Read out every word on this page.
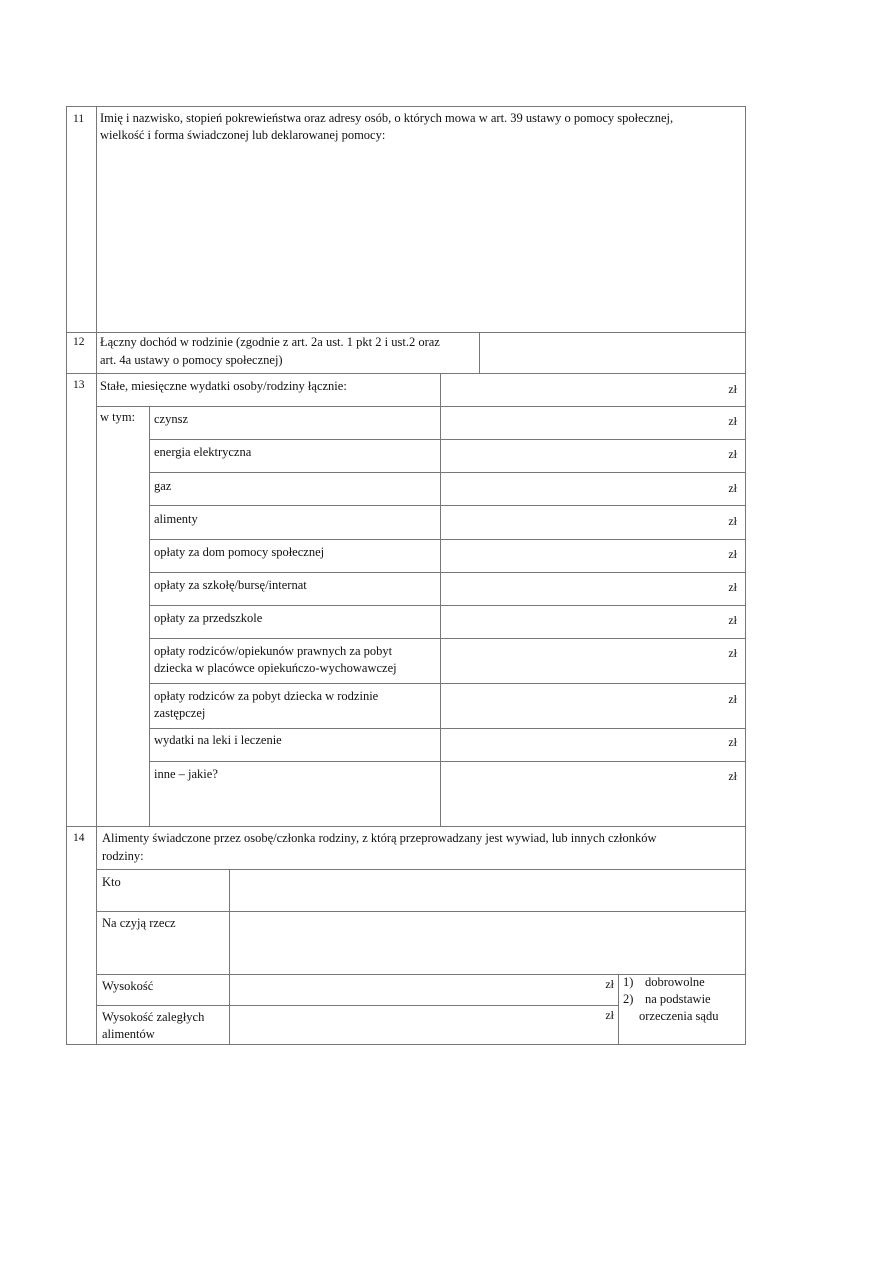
11 Imię i nazwisko, stopień pokrewieństwa oraz adresy osób, o których mowa w art. 39 ustawy o pomocy społecznej,
wielkość i forma świadczonej lub deklarowanej pomocy:
12 Łączny dochód w rodzinie (zgodnie z art. 2a ust. 1 pkt 2 i ust.2 oraz
art. 4a ustawy o pomocy społecznej)
13 Stałe, miesięczne wydatki osoby/rodziny łącznie:	zł
w tym: czynsz	zł
energia elektryczna	zł
gaz	zł
alimenty	zł
opłaty za dom pomocy społecznej	zł
opłaty za szkołę/bursę/internat	zł
opłaty za przedszkole	zł
opłaty rodziców/opiekunów prawnych za pobyt
dziecka w placówce opiekuńczo-wychowawczej
zł
opłaty rodziców za pobyt dziecka w rodzinie
zastępczej
zł
wydatki na leki i leczenie	zł
inne – jakie?	zł
14 Alimenty świadczone przez osobę/członka rodziny, z którą przeprowadzany jest wywiad, lub innych członków
rodziny:
Kto
Na czyją rzecz
Wysokość	zł
Wysokość zaległych
alimentów
zł
1) dobrowolne
2) na podstawie
orzeczenia sądu
